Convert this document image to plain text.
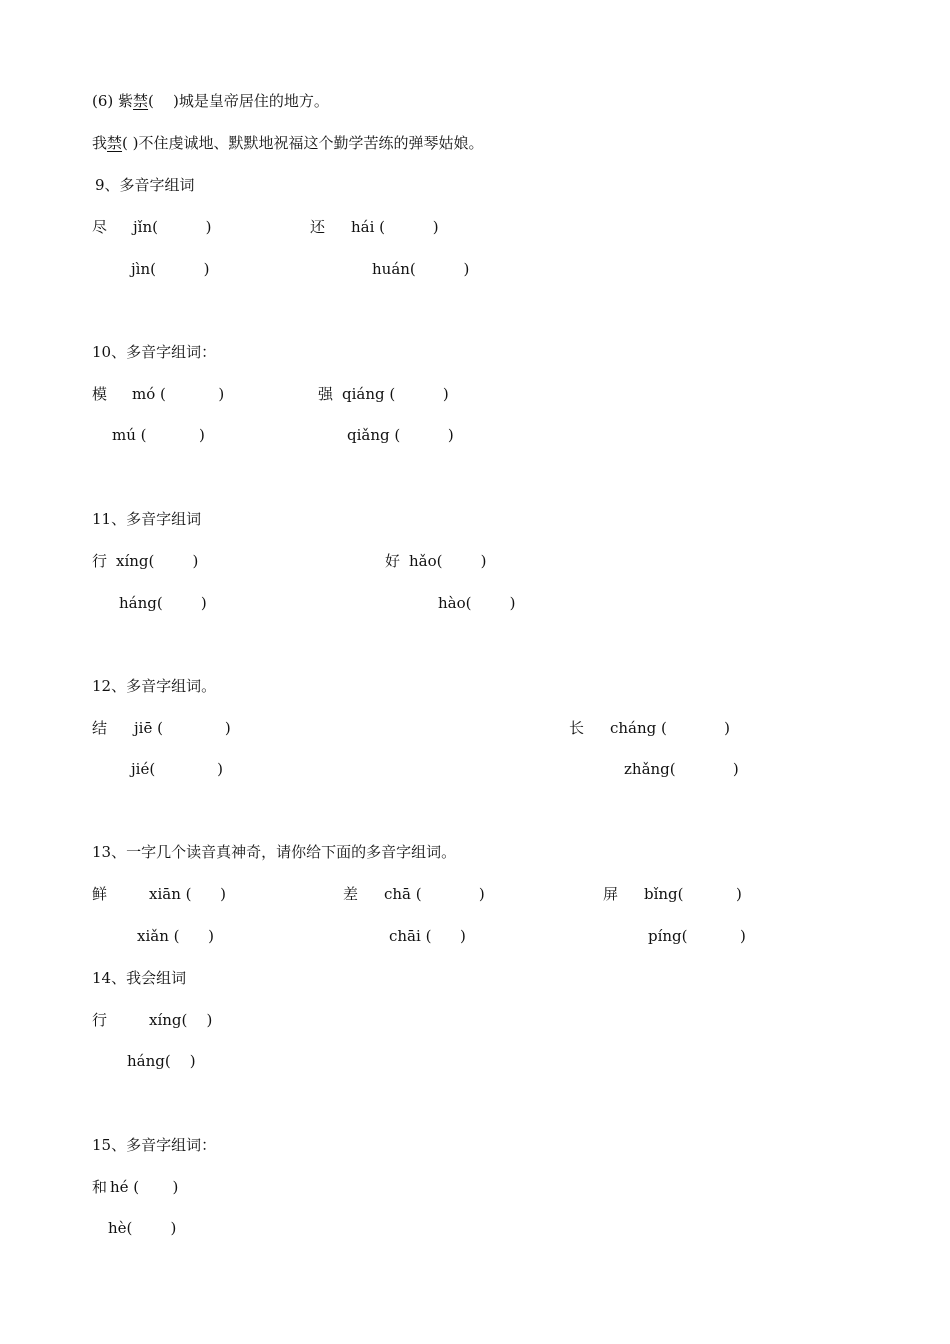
(6) 紫禁(    )城是皇帝居住的地方。
我禁( )不住虔诚地、默默地祝福这个勤学苦练的弹琴姑娘。
9、多音字组词
尽 jǐn(          )	还 hái (          )
jìn(          )	huán(          )
10、多音字组词：
模 mó (           )	强 qiáng (          )
mú (           )	qiǎng (          )
11、多音字组词
行 xíng(        )	好 hǎo(        )
háng(        )	hào(        )
12、多音字组词。
结 jiē (             )	长 cháng (            )
jié(             )	zhǎng(            )
13、一字几个读音真神奇，请你给下面的多音字组词。
鲜	xiān (      )	差 chā (            )	屏 bǐng(           )
xiǎn (      )	chāi (      )	píng(           )
14、我会组词
行	xíng(    )
háng(    )
15、多音字组词：
和 hé (       )
hè(        )
